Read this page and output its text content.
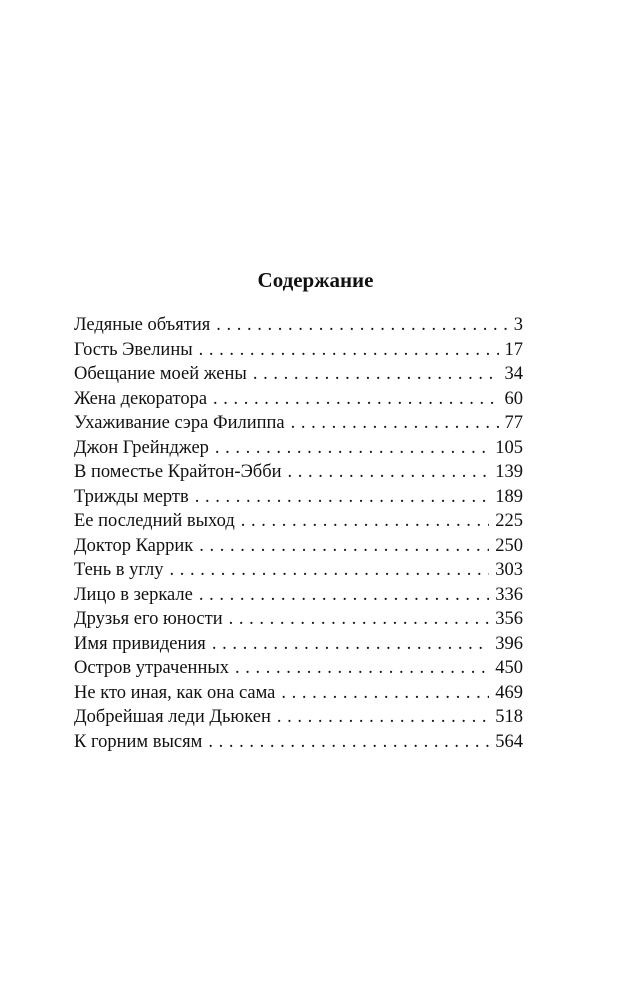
Содержание
Ледяные объятия . . .	3
Гость Эвелины . . .	17
Обещание моей жены . . .	34
Жена декоратора . . .	60
Ухаживание сэра Филиппа . . .	77
Джон Грейнджер . . .	105
В поместье Крайтон-Эбби . . .	139
Трижды мертв . . .	189
Ее последний выход . . .	225
Доктор Каррик . . .	250
Тень в углу . . .	303
Лицо в зеркале . . .	336
Друзья его юности . . .	356
Имя привидения . . .	396
Остров утраченных . . .	450
Не кто иная, как она сама . . .	469
Добрейшая леди Дьюкен . . .	518
К горним высям . . .	564
